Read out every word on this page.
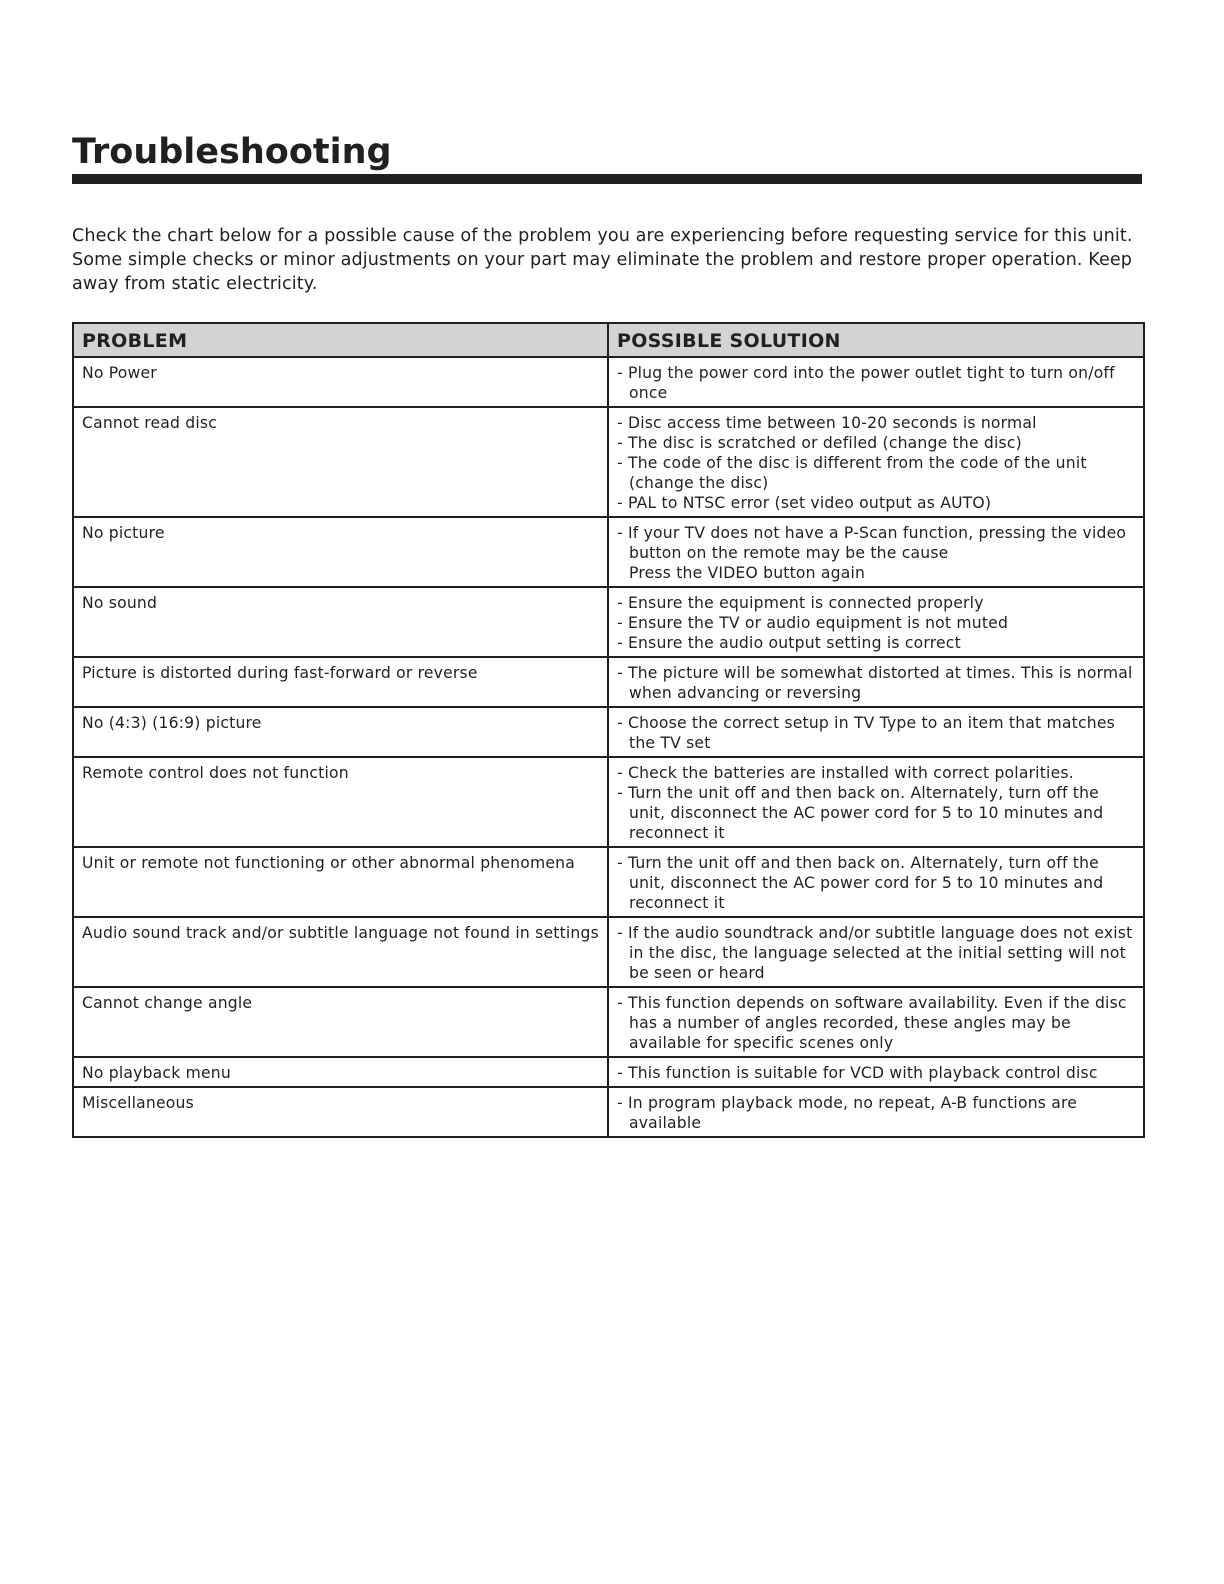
Troubleshooting

Check the chart below for a possible cause of the problem you are experiencing before requesting service for this unit. Some simple checks or minor adjustments on your part may eliminate the problem and restore proper operation. Keep away from static electricity.

PROBLEM	POSSIBLE SOLUTION
No Power	- Plug the power cord into the power outlet tight to turn on/off once

Cannot read disc	- Disc access time between 10-20 seconds is normal
- The disc is scratched or defiled (change the disc)
- The code of the disc is different from the code of the unit (change the disc)
- PAL to NTSC error (set video output as AUTO)

No picture	- If your TV does not have a P-Scan function, pressing the video button on the remote may be the cause
Press the VIDEO button again

No sound	- Ensure the equipment is connected properly
- Ensure the TV or audio equipment is not muted
- Ensure the audio output setting is correct

Picture is distorted during fast-forward or reverse	- The picture will be somewhat distorted at times. This is normal when advancing or reversing

No (4:3) (16:9) picture	- Choose the correct setup in TV Type to an item that matches the TV set

Remote control does not function	- Check the batteries are installed with correct polarities.
- Turn the unit off and then back on. Alternately, turn off the unit, disconnect the AC power cord for 5 to 10 minutes and reconnect it

Unit or remote not functioning or other abnormal phenomena	- Turn the unit off and then back on. Alternately, turn off the unit, disconnect the AC power cord for 5 to 10 minutes and reconnect it

Audio sound track and/or subtitle language not found in settings	- If the audio soundtrack and/or subtitle language does not exist in the disc, the language selected at the initial setting will not be seen or heard

Cannot change angle	- This function depends on software availability. Even if the disc has a number of angles recorded, these angles may be available for specific scenes only

No playback menu	- This function is suitable for VCD with playback control disc

Miscellaneous	- In program playback mode, no repeat, A-B functions are available
